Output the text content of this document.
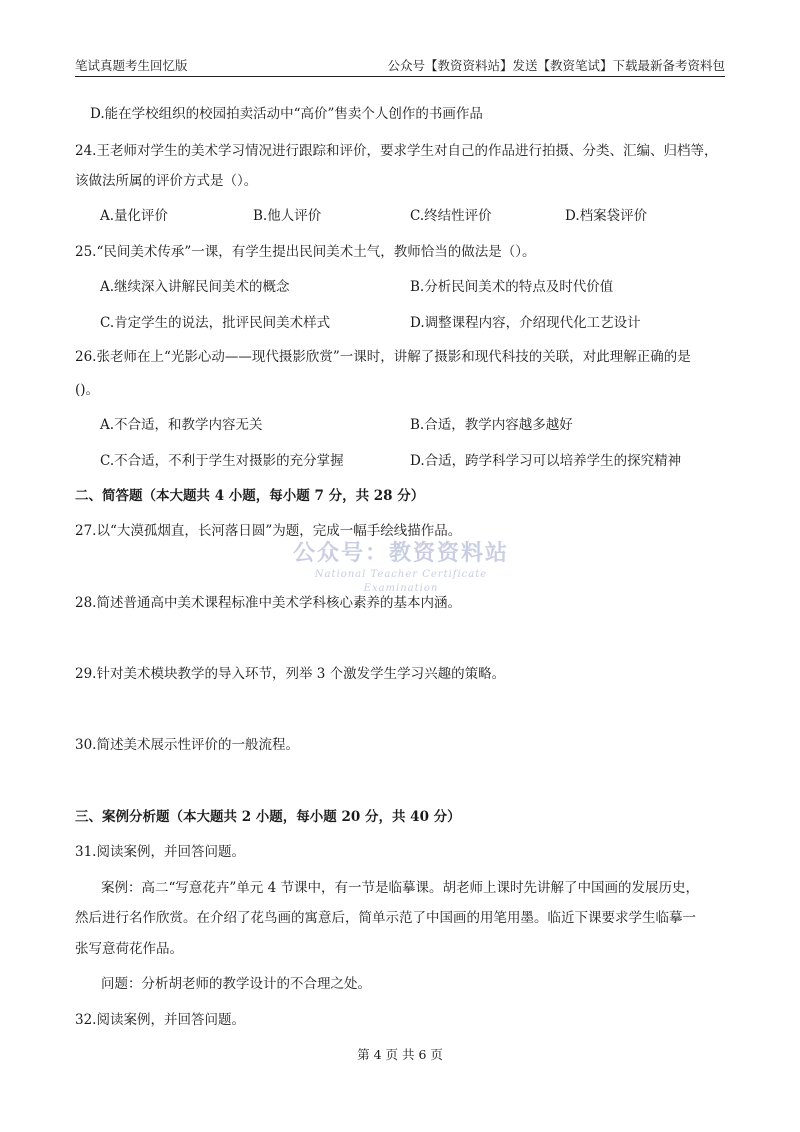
笔试真题考生回忆版	公众号【教资资料站】发送【教资笔试】下载最新备考资料包
D.能在学校组织的校园拍卖活动中“高价”售卖个人创作的书画作品
24.王老师对学生的美术学习情况进行跟踪和评价，要求学生对自己的作品进行拍摄、分类、汇编、归档等，
该做法所属的评价方式是（）。
A.量化评价	B.他人评价	C.终结性评价	D.档案袋评价
25.“民间美术传承”一课，有学生提出民间美术土气，教师恰当的做法是（）。
A.继续深入讲解民间美术的概念	B.分析民间美术的特点及时代价值
C.肯定学生的说法，批评民间美术样式	D.调整课程内容，介绍现代化工艺设计
26.张老师在上“光影心动——现代摄影欣赏”一课时，讲解了摄影和现代科技的关联，对此理解正确的是
()。
A.不合适，和教学内容无关	B.合适，教学内容越多越好
C.不合适，不利于学生对摄影的充分掌握	D.合适，跨学科学习可以培养学生的探究精神
二、简答题（本大题共 4 小题，每小题 7 分，共 28 分）
27.以“大漠孤烟直，长河落日圆”为题，完成一幅手绘线描作品。
公众号：教资资料站
National Teacher Certificate Examination
28.简述普通高中美术课程标准中美术学科核心素养的基本内涵。
29.针对美术模块教学的导入环节，列举 3 个激发学生学习兴趣的策略。
30.简述美术展示性评价的一般流程。
三、案例分析题（本大题共 2 小题，每小题 20 分，共 40 分）
31.阅读案例，并回答问题。
案例：高二“写意花卉”单元 4 节课中，有一节是临摹课。胡老师上课时先讲解了中国画的发展历史，
然后进行名作欣赏。在介绍了花鸟画的寓意后，简单示范了中国画的用笔用墨。临近下课要求学生临摹一
张写意荷花作品。
问题：分析胡老师的教学设计的不合理之处。
32.阅读案例，并回答问题。
第 4 页 共 6 页
